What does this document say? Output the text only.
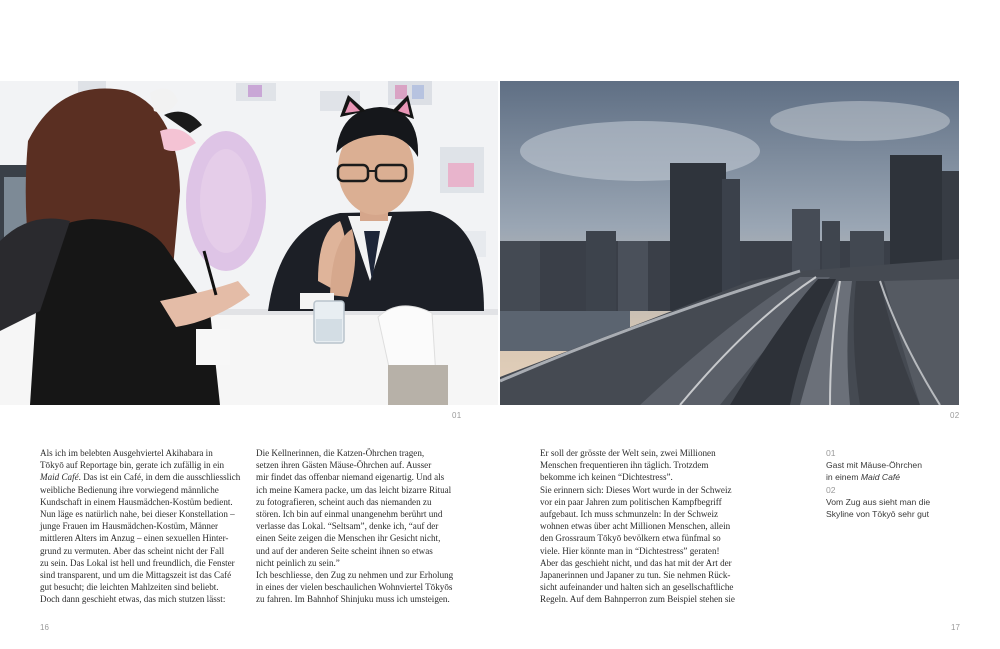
01	02
Als ich im belebten Ausgehviertel Akihabara in
Tōkyō auf Reportage bin, gerate ich zufällig in ein
Maid Café. Das ist ein Café, in dem die ausschliesslich
weibliche Bedienung ihre vorwiegend männliche
Kundschaft in einem Hausmädchen-Kostüm bedient.
Nun läge es natürlich nahe, bei dieser Konstellation –
junge Frauen im Hausmädchen-Kostüm, Männer
mittleren Alters im Anzug – einen sexuellen Hinter-
grund zu vermuten. Aber das scheint nicht der Fall
zu sein. Das Lokal ist hell und freundlich, die Fenster
sind transparent, und um die Mittagszeit ist das Café
gut besucht; die leichten Mahlzeiten sind beliebt.
Doch dann geschieht etwas, das mich stutzen lässt:
Die Kellnerinnen, die Katzen-Öhrchen tragen,
setzen ihren Gästen Mäuse-Öhrchen auf. Ausser
mir findet das offenbar niemand eigenartig. Und als
ich meine Kamera packe, um das leicht bizarre Ritual
zu fotografieren, scheint auch das niemanden zu
stören. Ich bin auf einmal unangenehm berührt und
verlasse das Lokal. “Seltsam”, denke ich, “auf der
einen Seite zeigen die Menschen ihr Gesicht nicht,
und auf der anderen Seite scheint ihnen so etwas
nicht peinlich zu sein.”
Ich beschliesse, den Zug zu nehmen und zur Erholung
in eines der vielen beschaulichen Wohnviertel Tōkyōs
zu fahren. Im Bahnhof Shinjuku muss ich umsteigen.
Er soll der grösste der Welt sein, zwei Millionen
Menschen frequentieren ihn täglich. Trotzdem
bekomme ich keinen “Dichtestress”.
Sie erinnern sich: Dieses Wort wurde in der Schweiz
vor ein paar Jahren zum politischen Kampfbegriff
aufgebaut. Ich muss schmunzeln: In der Schweiz
wohnen etwas über acht Millionen Menschen, allein
den Grossraum Tōkyō bevölkern etwa fünfmal so
viele. Hier könnte man in “Dichtestress” geraten!
Aber das geschieht nicht, und das hat mit der Art der
Japanerinnen und Japaner zu tun. Sie nehmen Rück-
sicht aufeinander und halten sich an gesellschaftliche
Regeln. Auf dem Bahnperron zum Beispiel stehen sie
01
Gast mit Mäuse-Öhrchen
in einem Maid Café
02
Vom Zug aus sieht man die
Skyline von Tōkyō sehr gut
16	17
